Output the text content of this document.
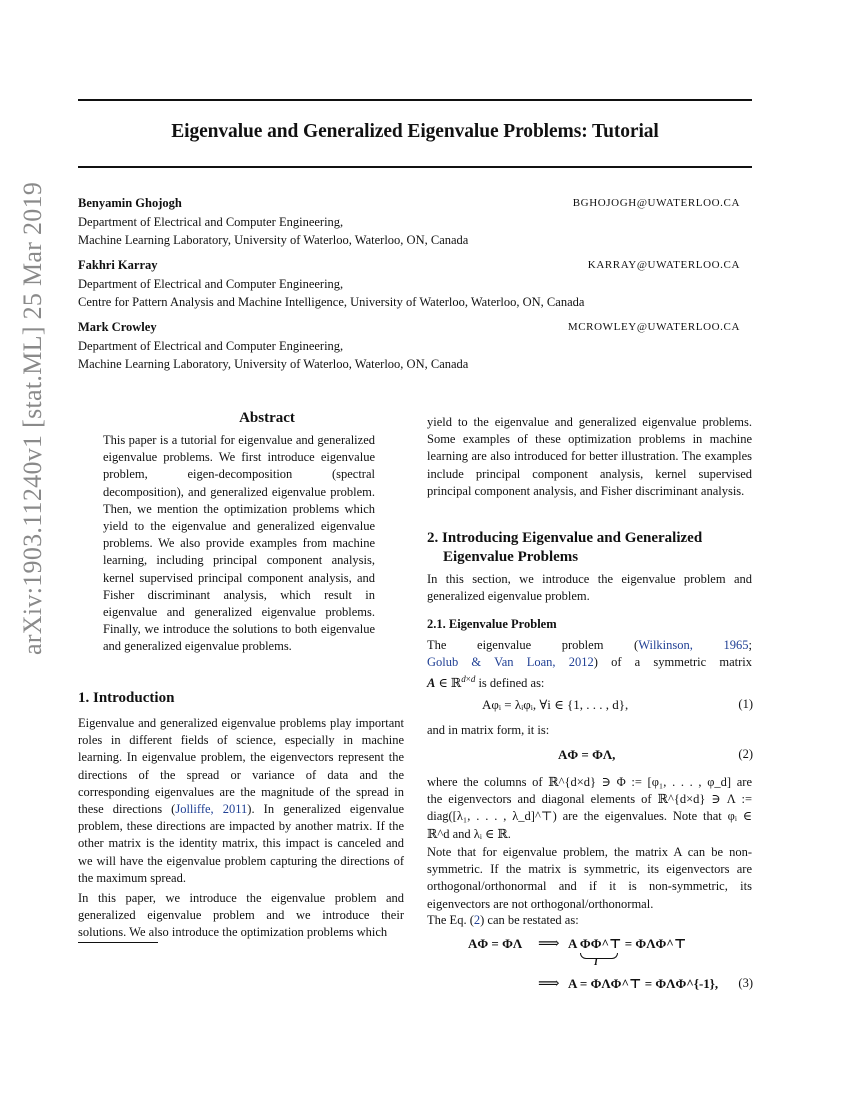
arXiv:1903.11240v1 [stat.ML] 25 Mar 2019
Eigenvalue and Generalized Eigenvalue Problems: Tutorial
Benyamin Ghojogh	BGHOJOGH@UWATERLOO.CA
Department of Electrical and Computer Engineering,
Machine Learning Laboratory, University of Waterloo, Waterloo, ON, Canada
Fakhri Karray	KARRAY@UWATERLOO.CA
Department of Electrical and Computer Engineering,
Centre for Pattern Analysis and Machine Intelligence, University of Waterloo, Waterloo, ON, Canada
Mark Crowley	MCROWLEY@UWATERLOO.CA
Department of Electrical and Computer Engineering,
Machine Learning Laboratory, University of Waterloo, Waterloo, ON, Canada
Abstract

This paper is a tutorial for eigenvalue and generalized eigenvalue problems. We first introduce eigenvalue problem, eigen-decomposition (spectral decomposition), and generalized eigenvalue problem. Then, we mention the optimization problems which yield to the eigenvalue and generalized eigenvalue problems. We also provide examples from machine learning, including principal component analysis, kernel supervised principal component analysis, and Fisher discriminant analysis, which result in eigenvalue and generalized eigenvalue problems. Finally, we introduce the solutions to both eigenvalue and generalized eigenvalue problems.

1. Introduction

Eigenvalue and generalized eigenvalue problems play important roles in different fields of science, especially in machine learning. In eigenvalue problem, the eigenvectors represent the directions of the spread or variance of data and the corresponding eigenvalues are the magnitude of the spread in these directions (Jolliffe, 2011). In generalized eigenvalue problem, these directions are impacted by another matrix. If the other matrix is the identity matrix, this impact is canceled and we will have the eigenvalue problem capturing the directions of the maximum spread.

In this paper, we introduce the eigenvalue problem and generalized eigenvalue problem and we introduce their solutions. We also introduce the optimization problems which

yield to the eigenvalue and generalized eigenvalue problems. Some examples of these optimization problems in machine learning are also introduced for better illustration. The examples include principal component analysis, kernel supervised principal component analysis, and Fisher discriminant analysis.

2. Introducing Eigenvalue and Generalized
Eigenvalue Problems

In this section, we introduce the eigenvalue problem and generalized eigenvalue problem.

2.1. Eigenvalue Problem

The eigenvalue problem (Wilkinson, 1965;

Golub & Van Loan, 2012) of a symmetric matrix

A ∈ ℝ$^{d\times d}$ is defined as:

Aφᵢ = λᵢφᵢ, ∀i ∈ {1, . . . , d},	(1)

and in matrix form, it is:

AΦ = ΦΛ,	(2)

where the columns of ℝ^{d×d} ∋ Φ := [φ₁, . . . , φ_d] are

the eigenvectors and diagonal elements of ℝ^{d×d} ∋ Λ :=

diag([λ₁, . . . , λ_d]^⊤) are the eigenvalues. Note that φᵢ ∈

ℝ^d and λᵢ ∈ ℝ.

Note that for eigenvalue problem, the matrix A can be non-symmetric. If the matrix is symmetric, its eigenvectors are orthogonal/orthonormal and if it is non-symmetric, its eigenvectors are not orthogonal/orthonormal.

The Eq. (2) can be restated as:

AΦ = ΦΛ ⟹ A ΦΦ^⊤ = ΦΛΦ^⊤
I
⟹ A = ΦΛΦ^⊤ = ΦΛΦ^{-1}, (3)
